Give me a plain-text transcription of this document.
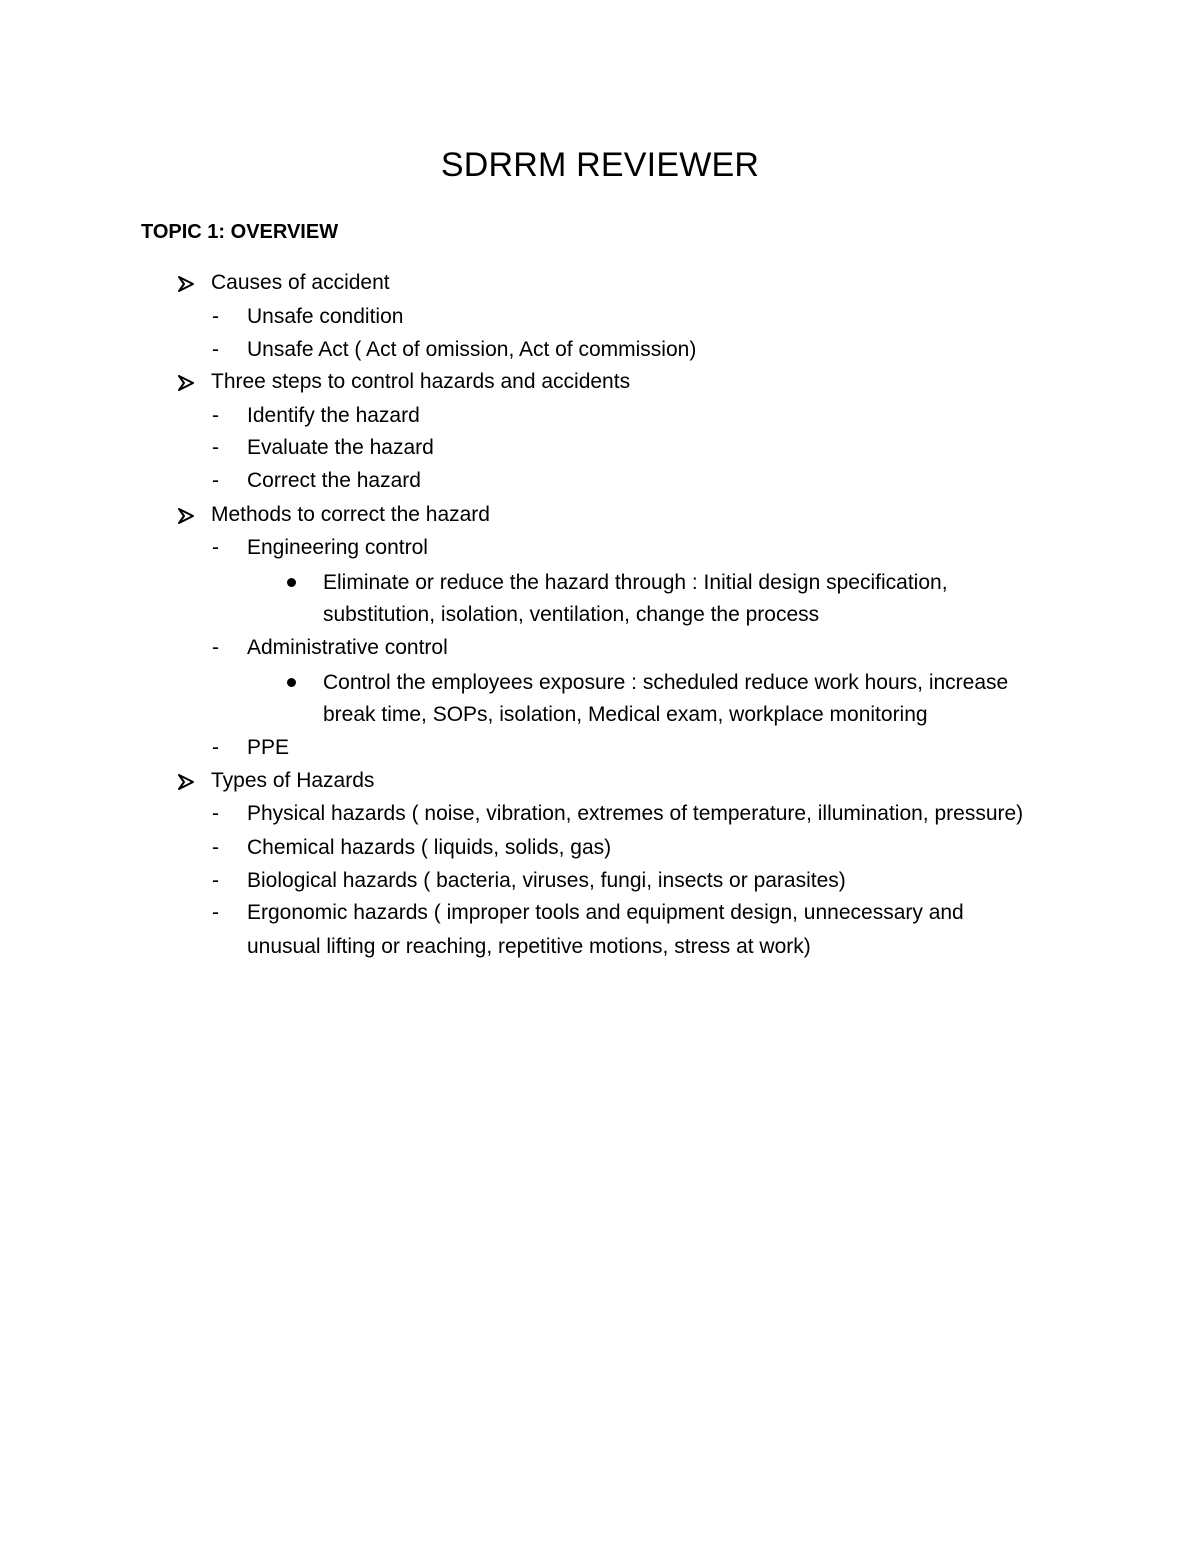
SDRRM REVIEWER
TOPIC 1: OVERVIEW
Causes of accident
- Unsafe condition
- Unsafe Act ( Act of omission, Act of commission)
Three steps to control hazards and accidents
- Identify the hazard
- Evaluate the hazard
- Correct the hazard
Methods to correct the hazard
- Engineering control
Eliminate or reduce the hazard through : Initial design specification,
substitution, isolation, ventilation, change the process
- Administrative control
Control the employees exposure : scheduled reduce work hours, increase
break time, SOPs, isolation, Medical exam, workplace monitoring
- PPE
Types of Hazards
- Physical hazards ( noise, vibration, extremes of temperature, illumination, pressure)
- Chemical hazards ( liquids, solids, gas)
- Biological hazards ( bacteria, viruses, fungi, insects or parasites)
- Ergonomic hazards ( improper tools and equipment design, unnecessary and
unusual lifting or reaching, repetitive motions, stress at work)
